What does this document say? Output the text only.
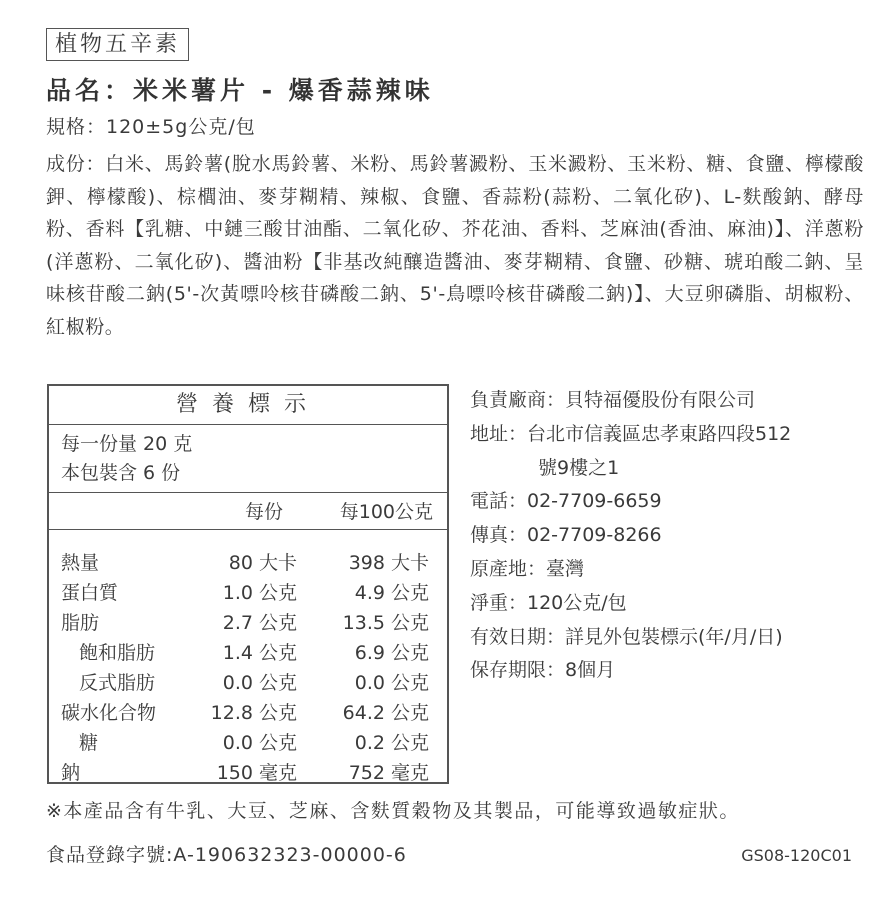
植物五辛素
品名：米米薯片 - 爆香蒜辣味
規格：120±5g公克/包
成份：白米、馬鈴薯(脫水馬鈴薯、米粉、馬鈴薯澱粉、玉米澱粉、玉米粉、糖、食鹽、檸檬酸鉀、檸檬酸)、棕櫚油、麥芽糊精、辣椒、食鹽、香蒜粉(蒜粉、二氧化矽)、L-麩酸鈉、酵母粉、香料【乳糖、中鏈三酸甘油酯、二氧化矽、芥花油、香料、芝麻油(香油、麻油)】、洋蔥粉(洋蔥粉、二氧化矽)、醬油粉【非基改純釀造醬油、麥芽糊精、食鹽、砂糖、琥珀酸二鈉、呈味核苷酸二鈉(5'-次黃嘌呤核苷磷酸二鈉、5'-鳥嘌呤核苷磷酸二鈉)】、大豆卵磷脂、胡椒粉、紅椒粉。
營養標示
每一份量 20 克
本包裝含 6 份
每份	每100公克
熱量	80 大卡	398 大卡
蛋白質	1.0 公克	4.9 公克
脂肪	2.7 公克 13.5 公克
飽和脂肪	1.4 公克	6.9 公克
反式脂肪	0.0 公克	0.0 公克
碳水化合物	12.8 公克 64.2 公克
糖	0.0 公克	0.2 公克
鈉	150 毫克	752 毫克
負責廠商：貝特福優股份有限公司
地址：台北市信義區忠孝東路四段512
號9樓之1
電話：02-7709-6659
傳真：02-7709-8266
原產地：臺灣
淨重：120公克/包
有效日期：詳見外包裝標示(年/月/日)
保存期限：8個月
※本產品含有牛乳、大豆、芝麻、含麩質穀物及其製品，可能導致過敏症狀。
食品登錄字號:A-190632323-00000-6	GS08-120C01
